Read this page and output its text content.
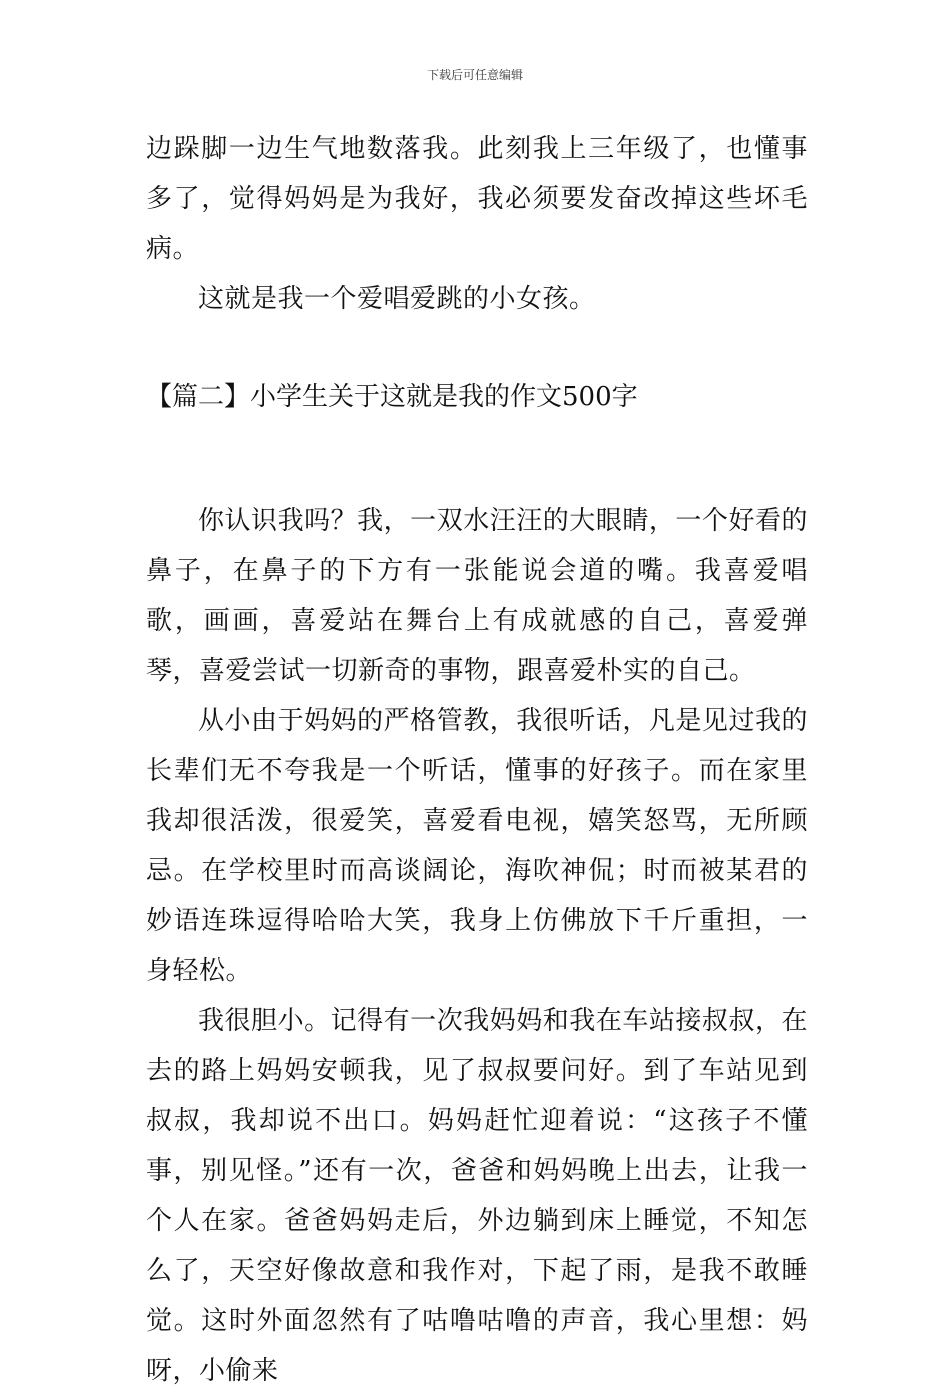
下载后可任意编辑

边跺脚一边生气地数落我。此刻我上三年级了，也懂事多了，觉得妈妈是为我好，我必须要发奋改掉这些坏毛病。

这就是我一个爱唱爱跳的小女孩。

【篇二】小学生关于这就是我的作文500字

你认识我吗？我，一双水汪汪的大眼睛，一个好看的鼻子，在鼻子的下方有一张能说会道的嘴。我喜爱唱歌，画画，喜爱站在舞台上有成就感的自己，喜爱弹琴，喜爱尝试一切新奇的事物，跟喜爱朴实的自己。

从小由于妈妈的严格管教，我很听话，凡是见过我的长辈们无不夸我是一个听话，懂事的好孩子。而在家里我却很活泼，很爱笑，喜爱看电视，嬉笑怒骂，无所顾忌。在学校里时而高谈阔论，海吹神侃；时而被某君的妙语连珠逗得哈哈大笑，我身上仿佛放下千斤重担，一身轻松。

我很胆小。记得有一次我妈妈和我在车站接叔叔，在去的路上妈妈安顿我，见了叔叔要问好。到了车站见到叔叔，我却说不出口。妈妈赶忙迎着说：“这孩子不懂事，别见怪。”还有一次，爸爸和妈妈晚上出去，让我一个人在家。爸爸妈妈走后，外边躺到床上睡觉，不知怎么了，天空好像故意和我作对，下起了雨，是我不敢睡觉。这时外面忽然有了咕噜咕噜的声音，我心里想：妈呀，小偷来
